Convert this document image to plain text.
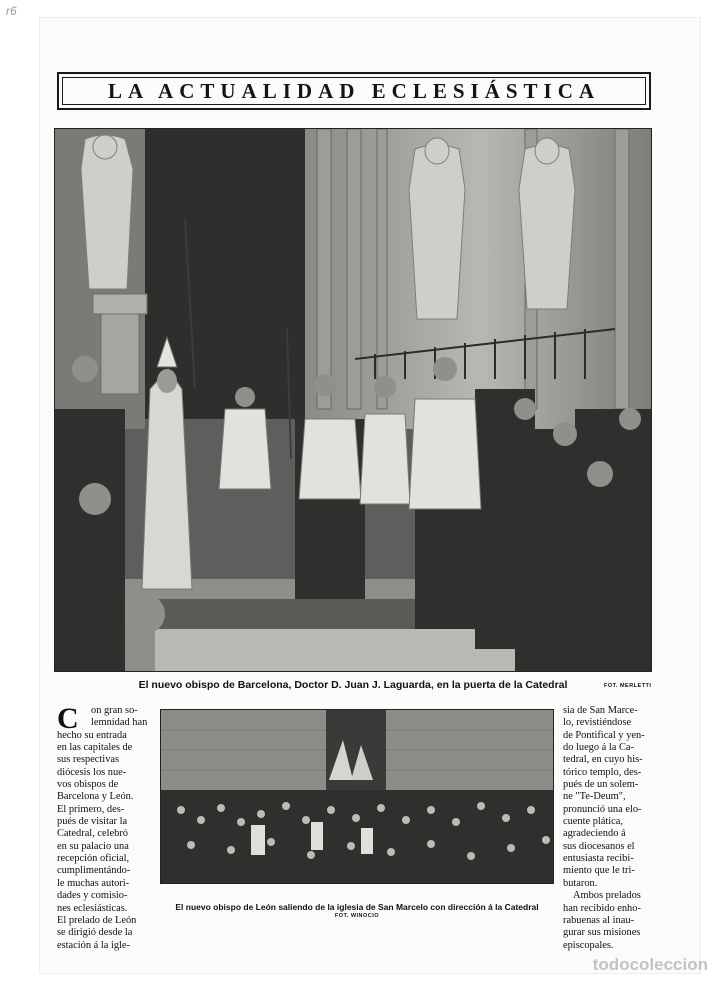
r6
LA ACTUALIDAD ECLESIÁSTICA
El nuevo obispo de Barcelona, Doctor D. Juan J. Laguarda, en la puerta de la Catedral	FOT. MERLETTI
C	on gran so-
lemnidad han
hecho su entrada
en las capitales de
sus respectivas
diócesis los nue-
vos obispos de
Barcelona y León.
El primero, des-
pués de visitar la
Catedral, celebró
en su palacio una
recepción oficial,
cumplimentándo-
le muchas autori-
dades y comisio-
nes eclesiásticas.
El prelado de León
se dirigió desde la
estación á la igle-
El nuevo obispo de León saliendo de la iglesia de San Marcelo con dirección á la Catedral
FOT. WINOCIO
sia de San Marce-
lo, revistiéndose
de Pontifical y yen-
do luego á la Ca-
tedral, en cuyo his-
tórico templo, des-
pués de un solem-
ne "Te-Deum",
pronunció una elo-
cuente plática,
agradeciendo á
sus diocesanos el
entusiasta recibi-
miento que le tri-
butaron.
Ambos prelados
han recibido enho-
rabuenas al inau-
gurar sus misiones
episcopales.
todocoleccion
